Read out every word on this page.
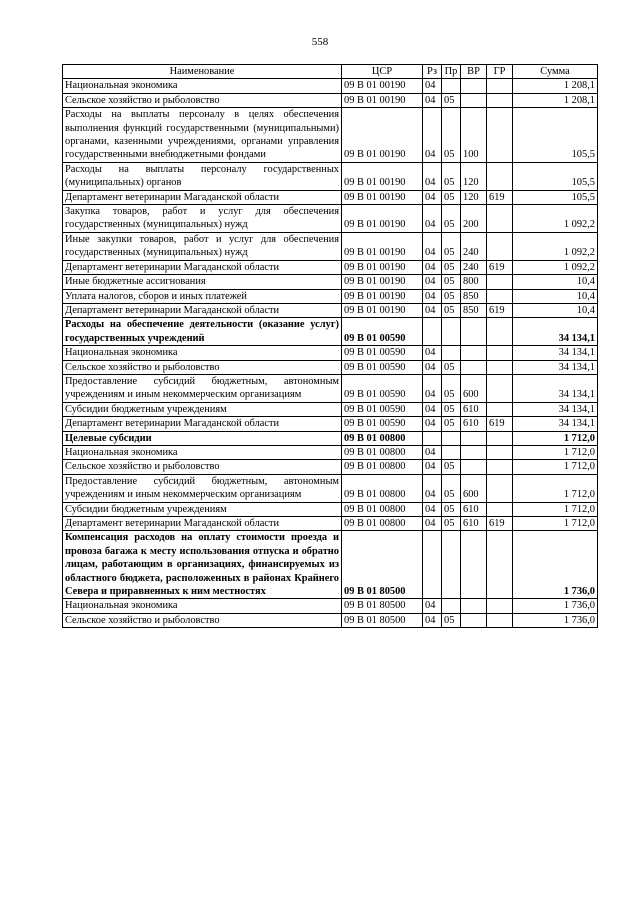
558
Наименование	ЦСР	Рз	Пр	ВР	ГР	Сумма
Национальная экономика	09 В 01 00190	04				1 208,1
Сельское хозяйство и рыболовство	09 В 01 00190	04	05			1 208,1
Расходы на выплаты персоналу в целях обеспечения выполнения функций государственными (муниципальными) органами, казенными учреждениями, органами управления государственными внебюджетными фондами	09 В 01 00190	04	05	100		105,5
Расходы на выплаты персоналу государственных (муниципальных) органов	09 В 01 00190	04	05	120		105,5
Департамент ветеринарии Магаданской области	09 В 01 00190	04	05	120	619	105,5
Закупка товаров, работ и услуг для обеспечения государственных (муниципальных) нужд	09 В 01 00190	04	05	200		1 092,2
Иные закупки товаров, работ и услуг для обеспечения государственных (муниципальных) нужд	09 В 01 00190	04	05	240		1 092,2
Департамент ветеринарии Магаданской области	09 В 01 00190	04	05	240	619	1 092,2
Иные бюджетные ассигнования	09 В 01 00190	04	05	800		10,4
Уплата налогов, сборов и иных платежей	09 В 01 00190	04	05	850		10,4
Департамент ветеринарии Магаданской области	09 В 01 00190	04	05	850	619	10,4
Расходы на обеспечение деятельности (оказание услуг) государственных учреждений	09 В 01 00590					34 134,1
Национальная экономика	09 В 01 00590	04				34 134,1
Сельское хозяйство и рыболовство	09 В 01 00590	04	05			34 134,1
Предоставление субсидий бюджетным, автономным учреждениям и иным некоммерческим организациям	09 В 01 00590	04	05	600		34 134,1
Субсидии бюджетным учреждениям	09 В 01 00590	04	05	610		34 134,1
Департамент ветеринарии Магаданской области	09 В 01 00590	04	05	610	619	34 134,1
Целевые субсидии	09 В 01 00800					1 712,0
Национальная экономика	09 В 01 00800	04				1 712,0
Сельское хозяйство и рыболовство	09 В 01 00800	04	05			1 712,0
Предоставление субсидий бюджетным, автономным учреждениям и иным некоммерческим организациям	09 В 01 00800	04	05	600		1 712,0
Субсидии бюджетным учреждениям	09 В 01 00800	04	05	610		1 712,0
Департамент ветеринарии Магаданской области	09 В 01 00800	04	05	610	619	1 712,0
Компенсация расходов на оплату стоимости проезда и провоза багажа к месту использования отпуска и обратно лицам, работающим в организациях, финансируемых из областного бюджета, расположенных в районах Крайнего Севера и приравненных к ним местностях	09 В 01 80500					1 736,0
Национальная экономика	09 В 01 80500	04				1 736,0
Сельское хозяйство и рыболовство	09 В 01 80500	04	05			1 736,0
